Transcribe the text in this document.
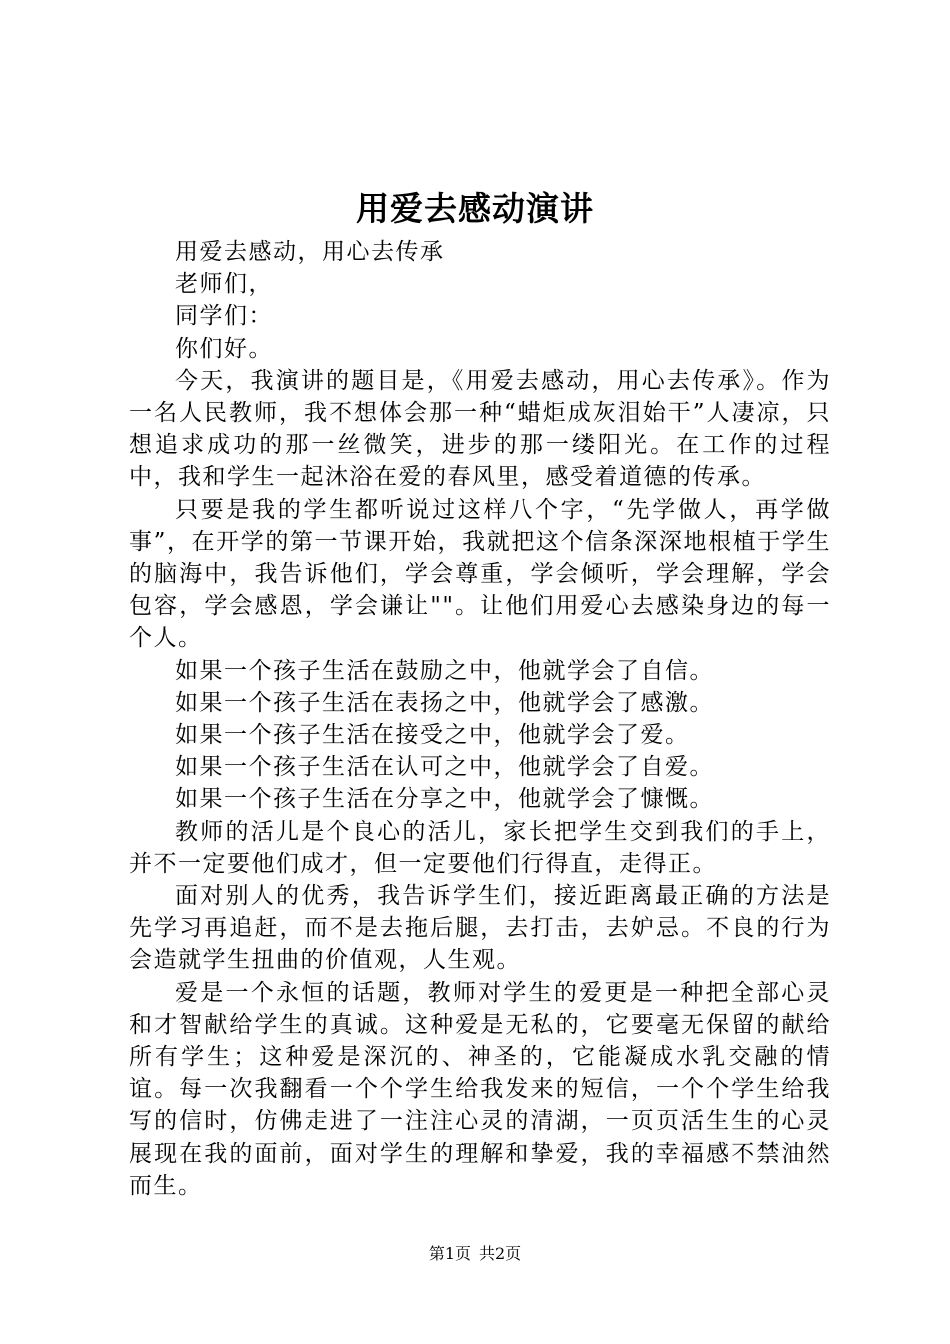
用爱去感动演讲

用爱去感动，用心去传承

老师们，

同学们：

你们好。

今天，我演讲的题目是，《用爱去感动，用心去传承》。作为一名人民教师，我不想体会那一种“蜡炬成灰泪始干”人凄凉，只想追求成功的那一丝微笑，进步的那一缕阳光。在工作的过程中，我和学生一起沐浴在爱的春风里，感受着道德的传承。

只要是我的学生都听说过这样八个字，“先学做人，再学做事”，在开学的第一节课开始，我就把这个信条深深地根植于学生的脑海中，我告诉他们，学会尊重，学会倾听，学会理解，学会包容，学会感恩，学会谦让""。让他们用爱心去感染身边的每一个人。

如果一个孩子生活在鼓励之中，他就学会了自信。

如果一个孩子生活在表扬之中，他就学会了感激。

如果一个孩子生活在接受之中，他就学会了爱。

如果一个孩子生活在认可之中，他就学会了自爱。

如果一个孩子生活在分享之中，他就学会了慷慨。

教师的活儿是个良心的活儿，家长把学生交到我们的手上，并不一定要他们成才，但一定要他们行得直，走得正。

面对别人的优秀，我告诉学生们，接近距离最正确的方法是先学习再追赶，而不是去拖后腿，去打击，去妒忌。不良的行为会造就学生扭曲的价值观，人生观。

爱是一个永恒的话题，教师对学生的爱更是一种把全部心灵和才智献给学生的真诚。这种爱是无私的，它要毫无保留的献给所有学生；这种爱是深沉的、神圣的，它能凝成水乳交融的情谊。每一次我翻看一个个学生给我发来的短信，一个个学生给我写的信时，仿佛走进了一注注心灵的清湖，一页页活生生的心灵展现在我的面前，面对学生的理解和挚爱，我的幸福感不禁油然而生。

第1页 共2页
